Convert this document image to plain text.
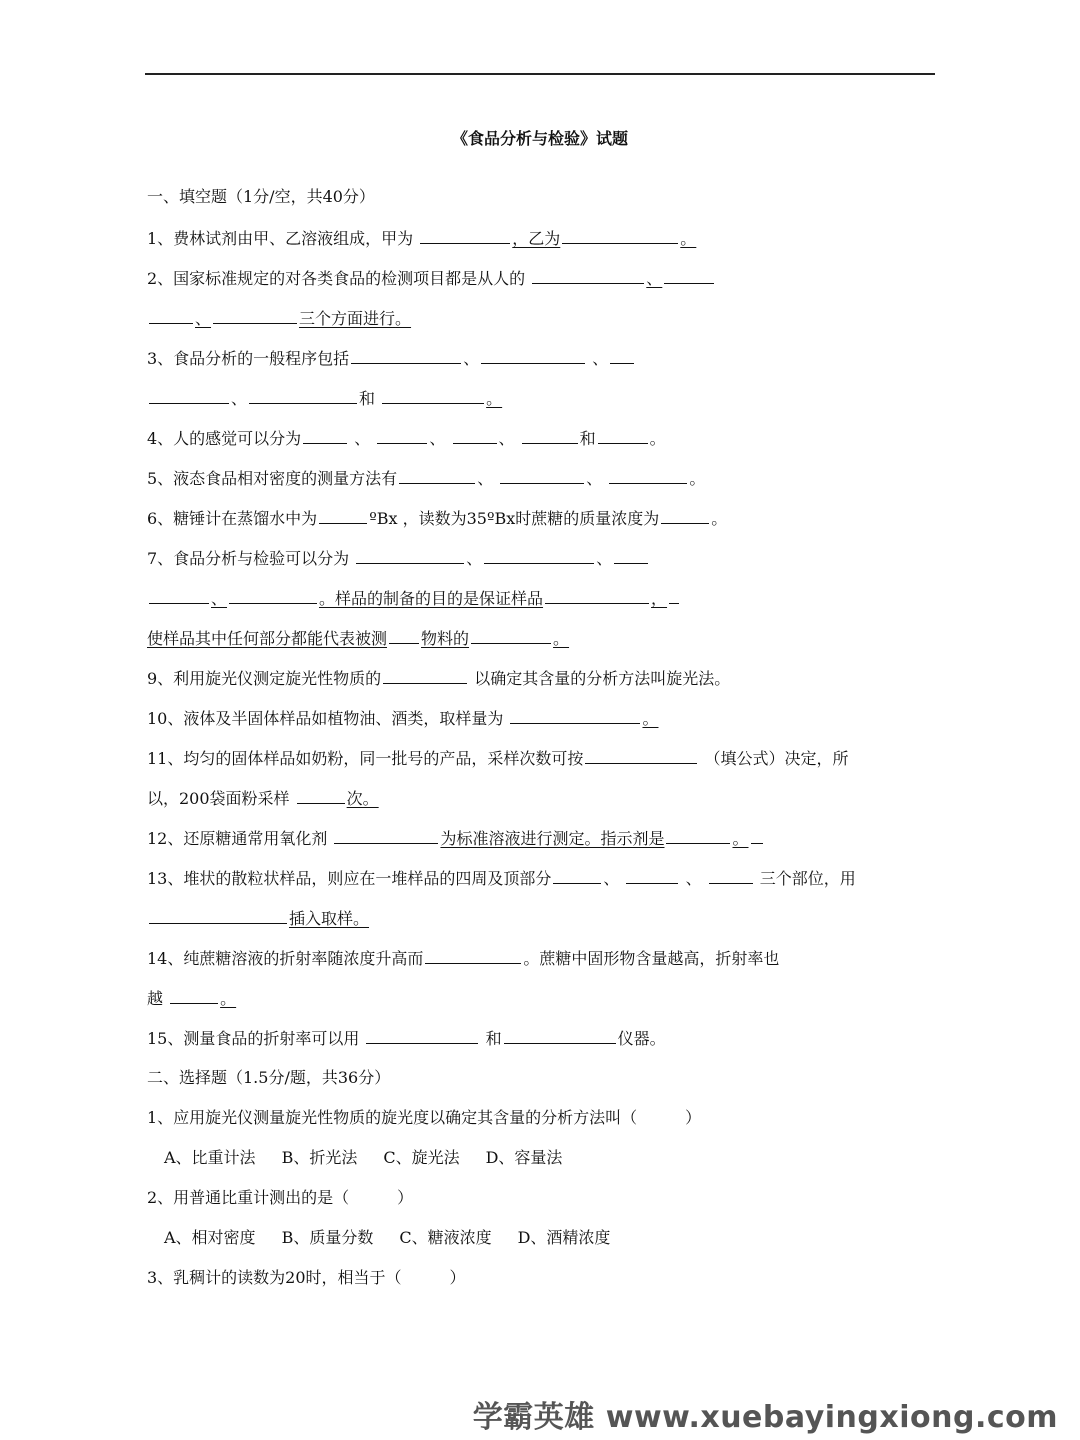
《食品分析与检验》试题
一、填空题（1分/空，共40分）
1、费林试剂由甲、乙溶液组成，甲为	，乙为	。
2、国家标准规定的对各类食品的检测项目都是从人的	、
、	三个方面进行。
3、食品分析的一般程序包括	、	、
、	和	。
4、人的感觉可以分为	、	、	、	和	。
5、液态食品相对密度的测量方法有	、	、	。
6、糖锤计在蒸馏水中为	ºBx ，读数为35ºBx时蔗糖的质量浓度为	。
7、食品分析与检验可以分为	、	、
、	。样品的制备的目的是保证样品	，
使样品其中任何部分都能代表被测 物料的	。
9、利用旋光仪测定旋光性物质的	以确定其含量的分析方法叫旋光法。
10、液体及半固体样品如植物油、酒类，取样量为	。
11、均匀的固体样品如奶粉，同一批号的产品，采样次数可按	（填公式）决定，所
以，200袋面粉采样	次。
12、还原糖通常用氧化剂	为标准溶液进行测定。指示剂是	。
13、堆状的散粒状样品，则应在一堆样品的四周及顶部分	、	、	三个部位，用
插入取样。
14、纯蔗糖溶液的折射率随浓度升高而	。蔗糖中固形物含量越高，折射率也
越	。
15、测量食品的折射率可以用	和	仪器。
二、选择题（1.5分/题，共36分）
1、应用旋光仪测量旋光性物质的旋光度以确定其含量的分析方法叫（　　　）
A、比重计法 B、折光法 C、旋光法 D、容量法
2、用普通比重计测出的是（　　　）
A、相对密度 B、质量分数 C、糖液浓度 D、酒精浓度
3、乳稠计的读数为20时，相当于（　　　）
学霸英雄 www.xuebayingxiong.com
